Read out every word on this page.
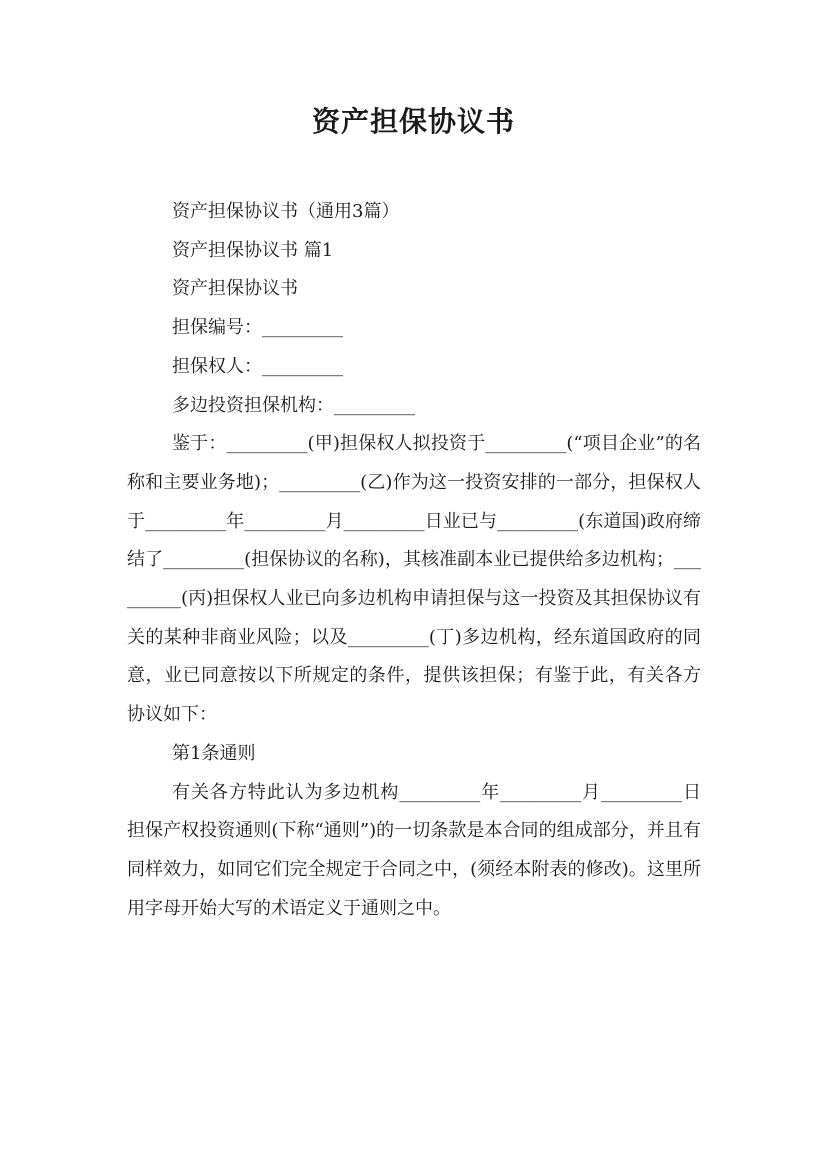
资产担保协议书

资产担保协议书（通用3篇）

资产担保协议书 篇1

资产担保协议书

担保编号：_________

担保权人：_________

多边投资担保机构：_________

鉴于：_________(甲)担保权人拟投资于_________(“项目企业”的名称和主要业务地)；_________(乙)作为这一投资安排的一部分，担保权人于_________年_________月_________日业已与_________(东道国)政府缔结了_________(担保协议的名称)，其核准副本业已提供给多边机构；_________(丙)担保权人业已向多边机构申请担保与这一投资及其担保协议有关的某种非商业风险；以及_________(丁)多边机构，经东道国政府的同意，业已同意按以下所规定的条件，提供该担保；有鉴于此，有关各方协议如下：

第1条通则

有关各方特此认为多边机构_________年_________月_________日担保产权投资通则(下称“通则”)的一切条款是本合同的组成部分，并且有同样效力，如同它们完全规定于合同之中，(须经本附表的修改)。这里所用字母开始大写的术语定义于通则之中。
